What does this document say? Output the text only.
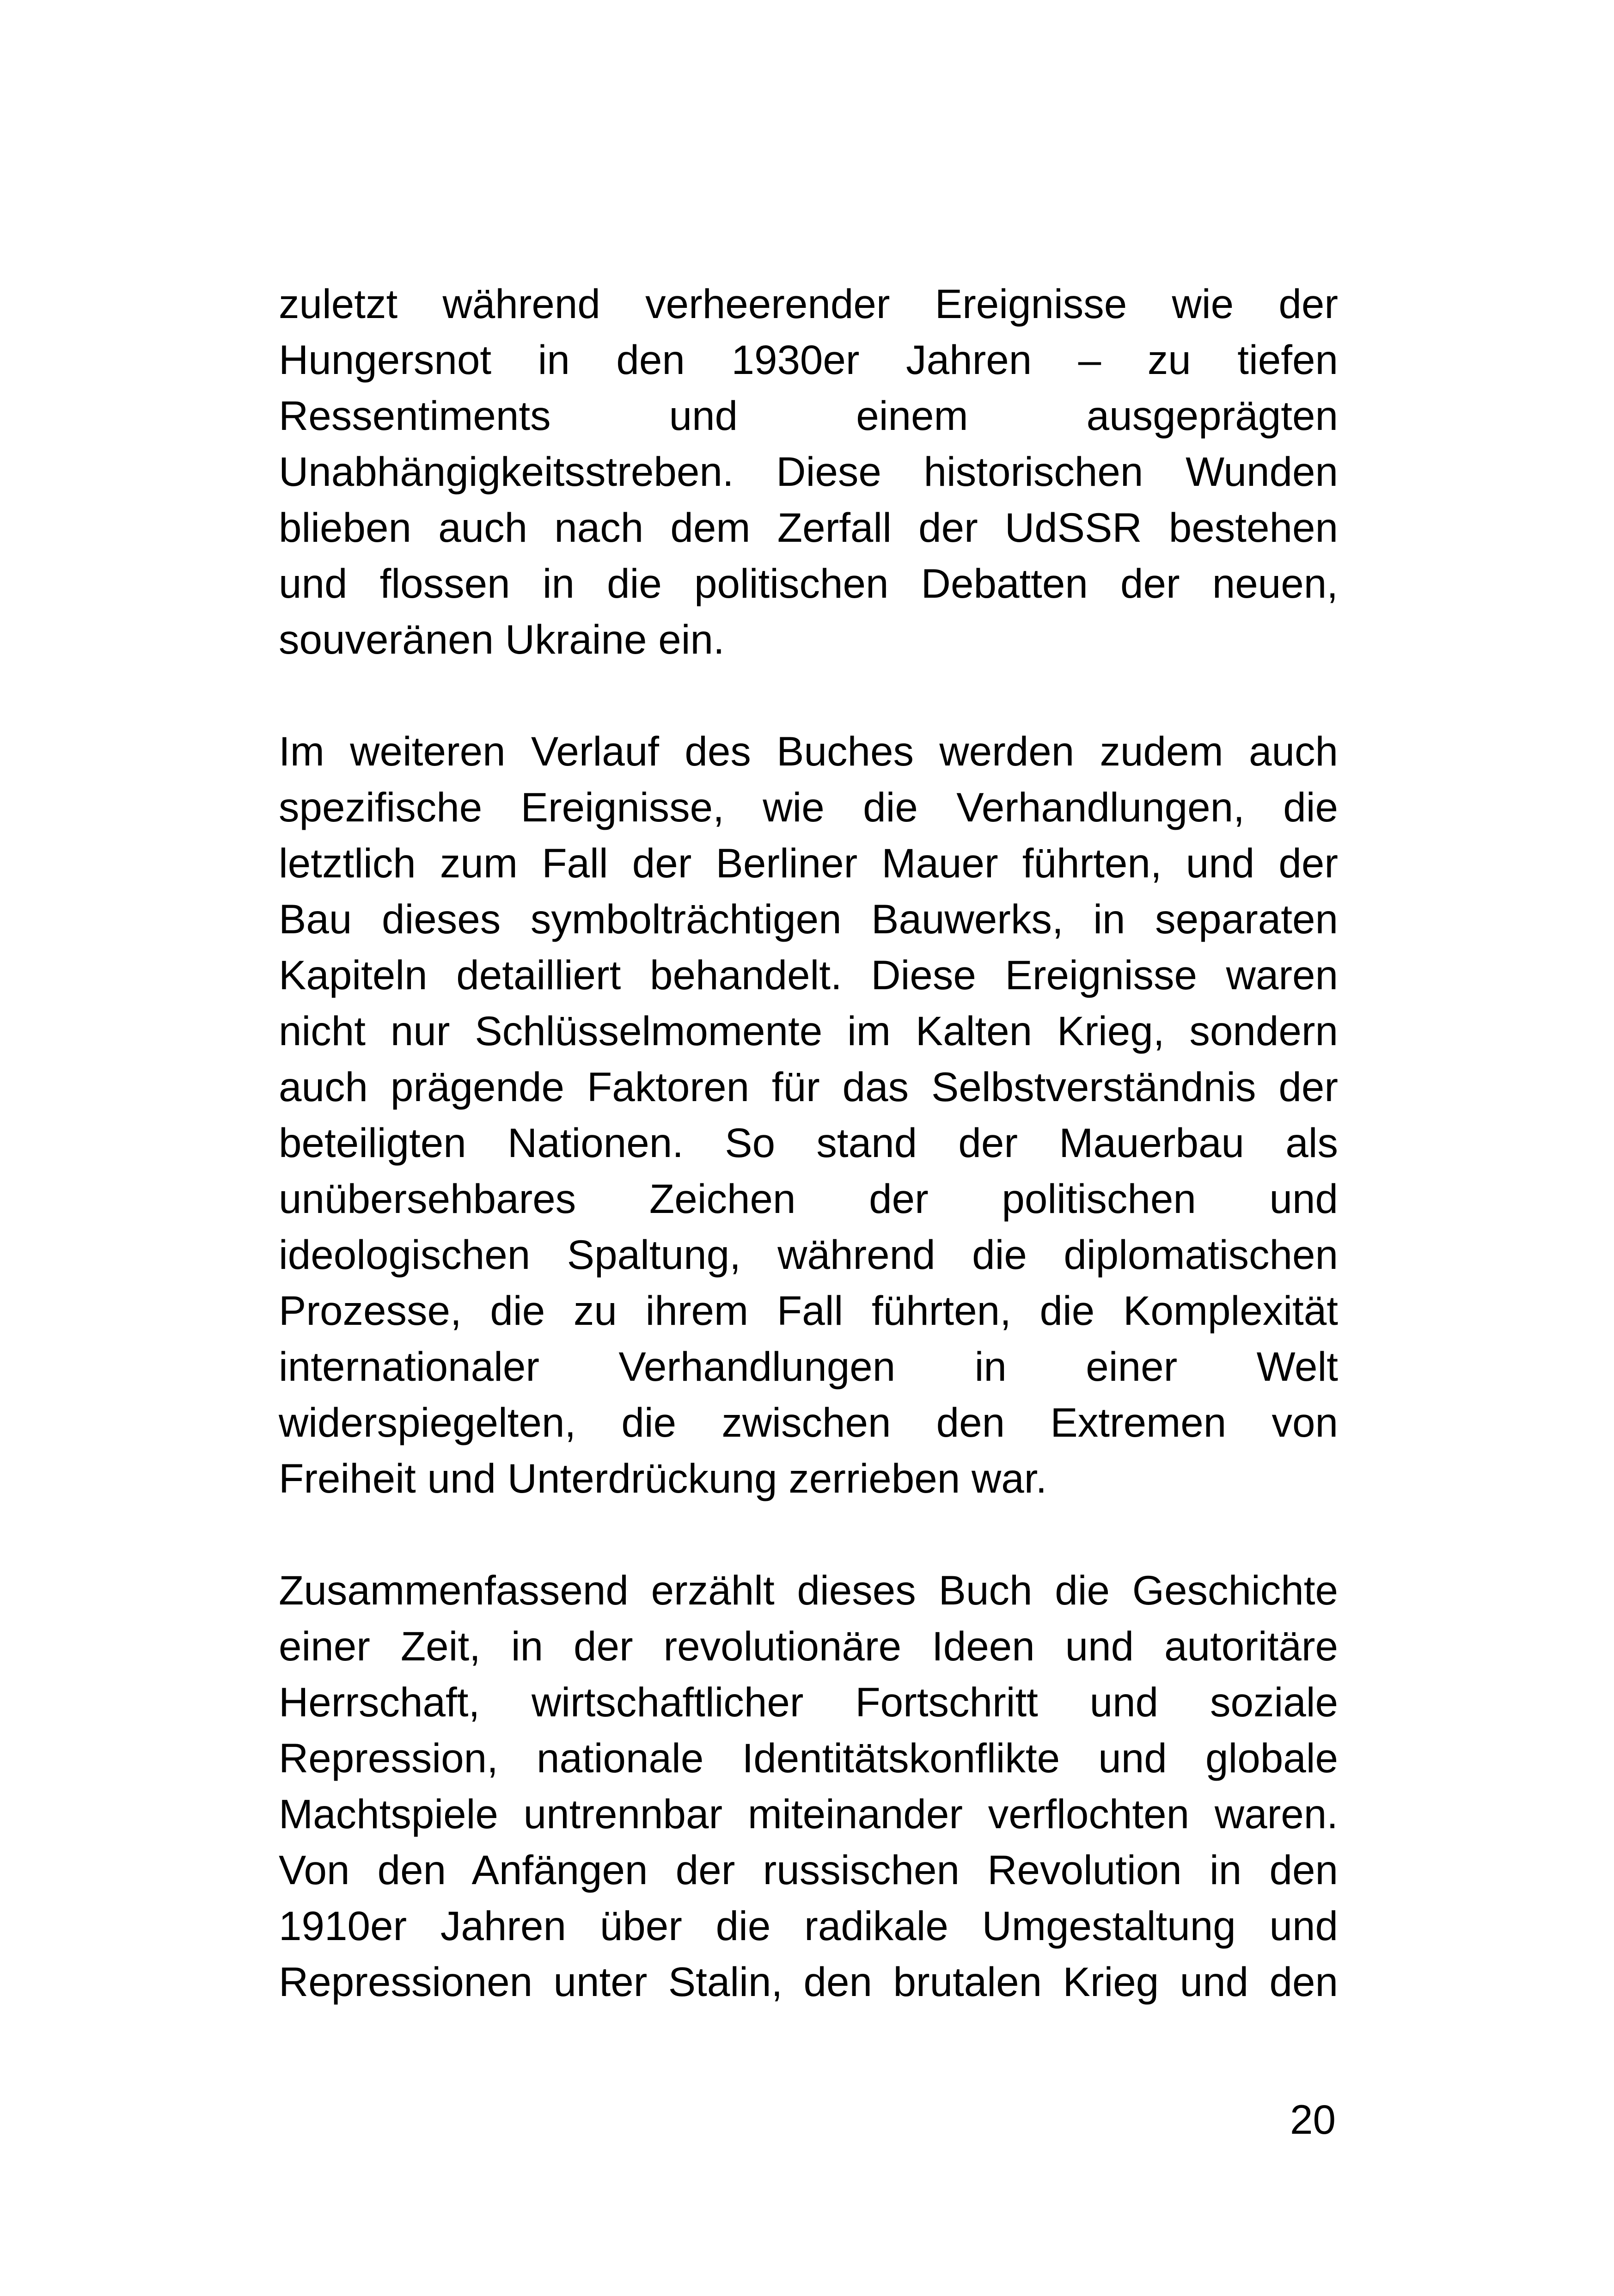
zuletzt während verheerender Ereignisse wie der
Hungersnot in den 1930er Jahren – zu tiefen
Ressentiments und einem ausgeprägten
Unabhängigkeitsstreben. Diese historischen Wunden
blieben auch nach dem Zerfall der UdSSR bestehen
und flossen in die politischen Debatten der neuen,
souveränen Ukraine ein.

Im weiteren Verlauf des Buches werden zudem auch
spezifische Ereignisse, wie die Verhandlungen, die
letztlich zum Fall der Berliner Mauer führten, und der
Bau dieses symbolträchtigen Bauwerks, in separaten
Kapiteln detailliert behandelt. Diese Ereignisse waren
nicht nur Schlüsselmomente im Kalten Krieg, sondern
auch prägende Faktoren für das Selbstverständnis der
beteiligten Nationen. So stand der Mauerbau als
unübersehbares Zeichen der politischen und
ideologischen Spaltung, während die diplomatischen
Prozesse, die zu ihrem Fall führten, die Komplexität
internationaler Verhandlungen in einer Welt
widerspiegelten, die zwischen den Extremen von
Freiheit und Unterdrückung zerrieben war.

Zusammenfassend erzählt dieses Buch die Geschichte
einer Zeit, in der revolutionäre Ideen und autoritäre
Herrschaft, wirtschaftlicher Fortschritt und soziale
Repression, nationale Identitätskonflikte und globale
Machtspiele untrennbar miteinander verflochten waren.
Von den Anfängen der russischen Revolution in den
1910er Jahren über die radikale Umgestaltung und
Repressionen unter Stalin, den brutalen Krieg und den

20
